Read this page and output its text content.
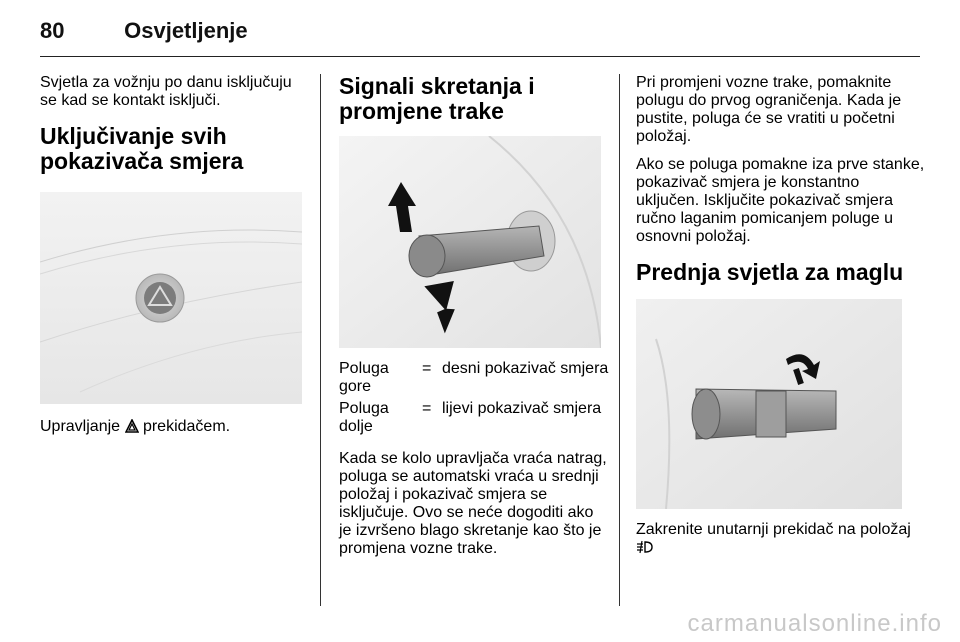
80	Osvjetljenje

Svjetla za vožnju po danu isključuju se kad se kontakt isključi.

Uključivanje svih pokazivača smjera

Upravljanje prekidačem.

Signali skretanja i promjene trake
Poluga gore
= desni pokazivač smjera
Poluga dolje
= lijevi pokazivač smjera

Kada se kolo upravljača vraća natrag, poluga se automatski vraća u srednji položaj i pokazivač smjera se isključuje. Ovo se neće dogoditi ako je izvršeno blago skretanje kao što je promjena vozne trake.

Pri promjeni vozne trake, pomaknite polugu do prvog ograničenja. Kada je pustite, poluga će se vratiti u početni položaj.

Ako se poluga pomakne iza prve stanke, pokazivač smjera je konstantno uključen. Isključite pokazivač smjera ručno laganim pomicanjem poluge u osnovni položaj.

Prednja svjetla za maglu

Zakrenite unutarnji prekidač na položaj

carmanualsonline.info
